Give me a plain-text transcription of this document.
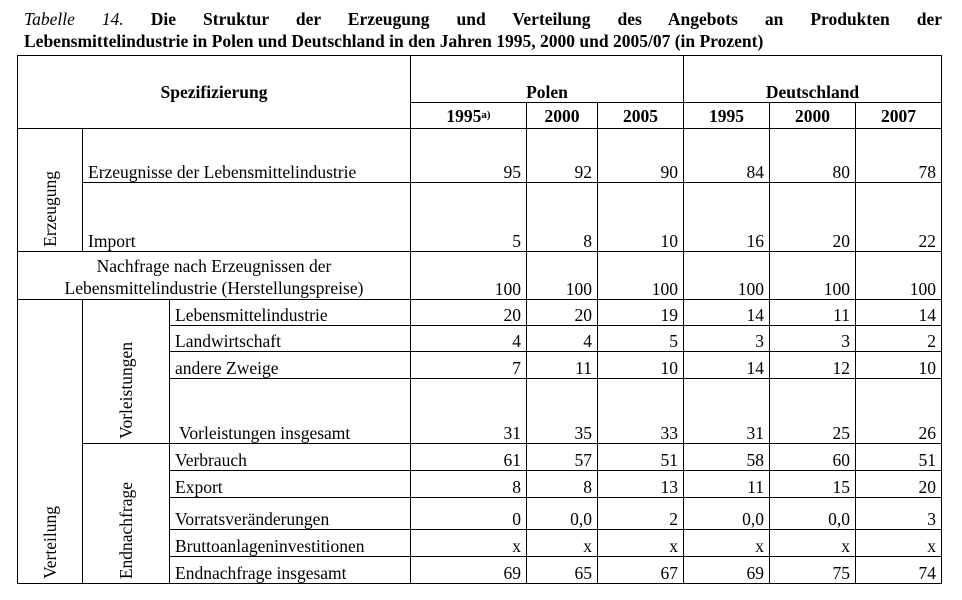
Tabelle 14. Die Struktur der Erzeugung und Verteilung des Angebots an Produkten der
Lebensmittelindustrie in Polen und Deutschland in den Jahren 1995, 2000 und 2005/07 (in Prozent)
Spezifizierung			Polen			Deutschland		
			1995$^{a)}$	2000	2005	1995	2000	2007
Erzeugung	Erzeugnisse der Lebensmittelindustrie		95	92	90	84	80	78
	Import		5	8	10	16	20	22
Nachfrage nach Erzeugnissen der
Lebensmittelindustrie (Herstellungspreise)			100	100	100	100	100	100
Verteilung	Vorleistungen	Lebensmittelindustrie	20	20	19	14	11	14
		Landwirtschaft	4	4	5	3	3	2
		andere Zweige	7	11	10	14	12	10
		Vorleistungen insgesamt	31	35	33	31	25	26
	Endnachfrage	Verbrauch	61	57	51	58	60	51
		Export	8	8	13	11	15	20
		Vorratsveränderungen	0	0,0	2	0,0	0,0	3
		Bruttoanlageninvestitionen	x	x	x	x	x	x
		Endnachfrage insgesamt	69	65	67	69	75	74
